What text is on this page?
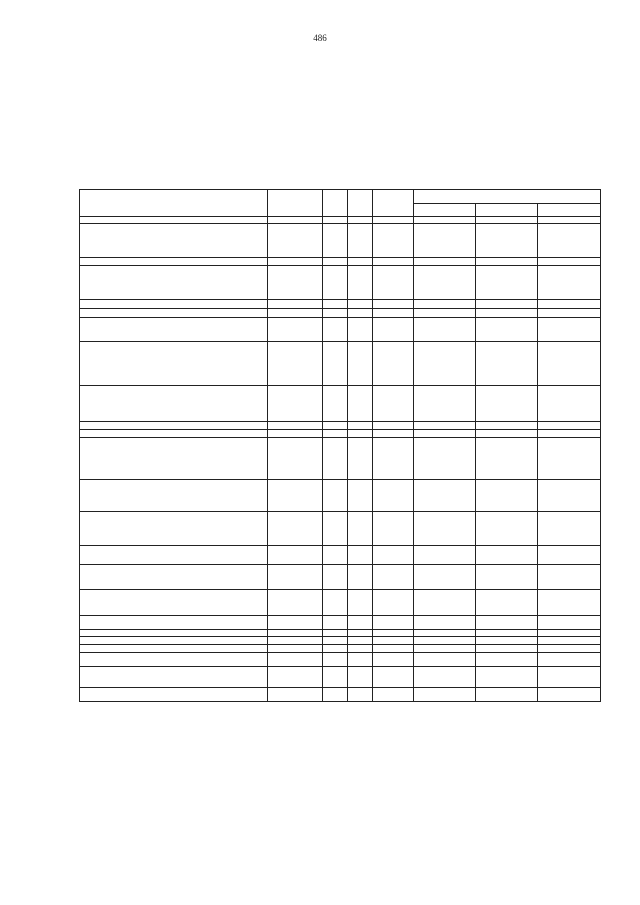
486
